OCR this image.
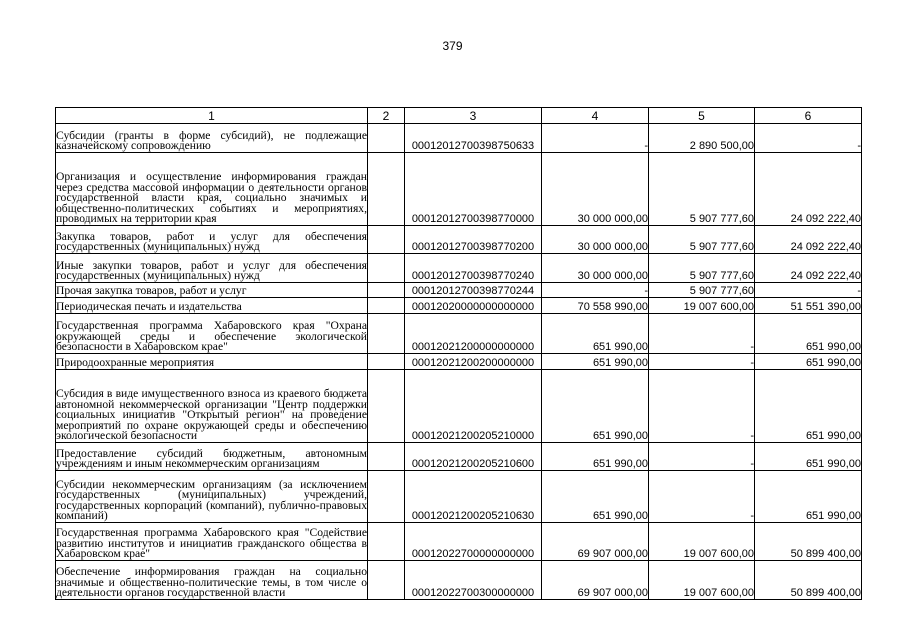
379
1	2	3	4	5	6
Субсидии (гранты в форме субсидий), не подлежащие казначейскому сопровождению		00012012700398750633	-	2 890 500,00	-
Организация и осуществление информирования граждан через средства массовой информации о деятельности органов государственной власти края, социально значимых и общественно-политических событиях и мероприятиях, проводимых на территории края		00012012700398770000	30 000 000,00	5 907 777,60	24 092 222,40
Закупка товаров, работ и услуг для обеспечения государственных (муниципальных) нужд		00012012700398770200	30 000 000,00	5 907 777,60	24 092 222,40
Иные закупки товаров, работ и услуг для обеспечения государственных (муниципальных) нужд		00012012700398770240	30 000 000,00	5 907 777,60	24 092 222,40
Прочая закупка товаров, работ и услуг		00012012700398770244	-	5 907 777,60	-
Периодическая печать и издательства		00012020000000000000	70 558 990,00	19 007 600,00	51 551 390,00
Государственная программа Хабаровского края "Охрана окружающей среды и обеспечение экологической безопасности в Хабаровском крае"		00012021200000000000	651 990,00	-	651 990,00
Природоохранные мероприятия		00012021200200000000	651 990,00	-	651 990,00
Субсидия в виде имущественного взноса из краевого бюджета автономной некоммерческой организации "Центр поддержки социальных инициатив "Открытый регион" на проведение мероприятий по охране окружающей среды и обеспечению экологической безопасности		00012021200205210000	651 990,00	-	651 990,00
Предоставление субсидий бюджетным, автономным учреждениям и иным некоммерческим организациям		00012021200205210600	651 990,00	-	651 990,00
Субсидии некоммерческим организациям (за исключением государственных (муниципальных) учреждений, государственных корпораций (компаний), публично-правовых компаний)		00012021200205210630	651 990,00	-	651 990,00
Государственная программа Хабаровского края "Содействие развитию институтов и инициатив гражданского общества в Хабаровском крае"		00012022700000000000	69 907 000,00	19 007 600,00	50 899 400,00
Обеспечение информирования граждан на социально значимые и общественно-политические темы, в том числе о деятельности органов государственной власти		00012022700300000000	69 907 000,00	19 007 600,00	50 899 400,00
